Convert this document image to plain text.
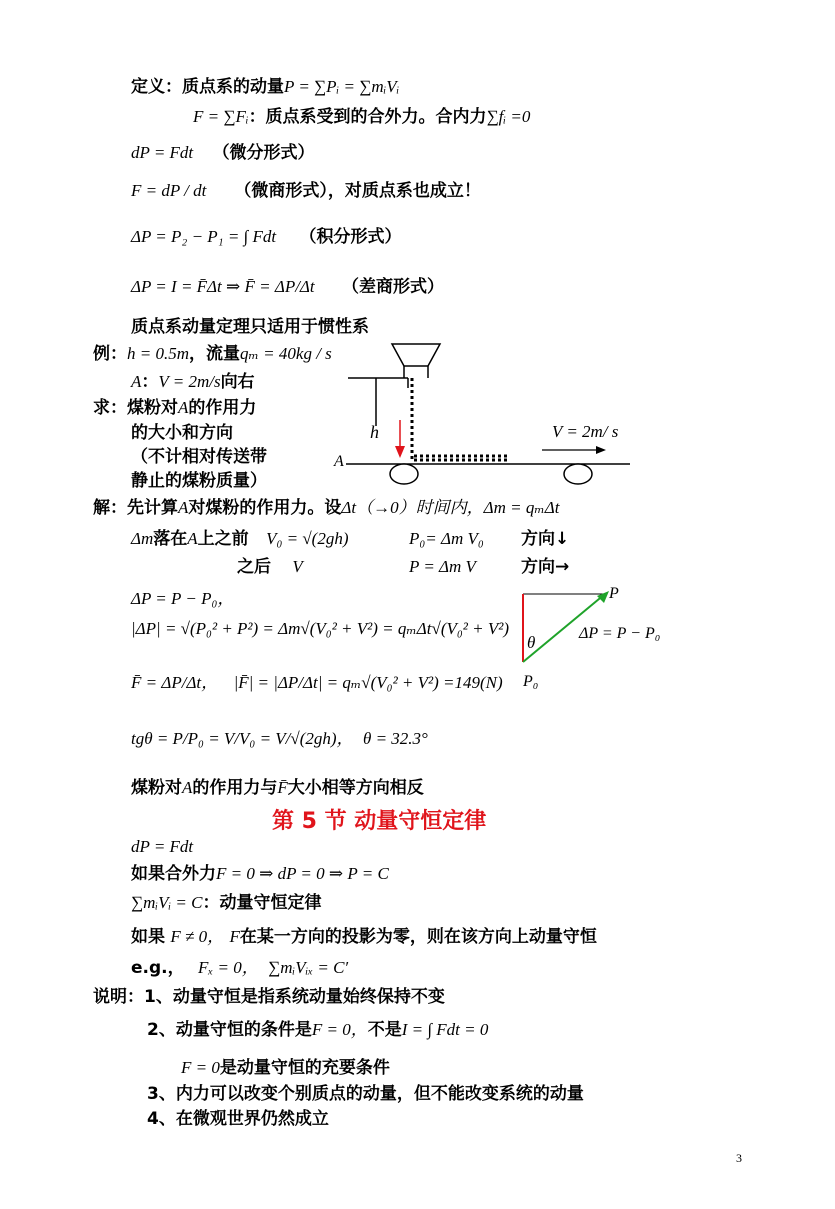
定义：质点系的动量P = ∑Pᵢ = ∑mᵢVᵢ
F = ∑Fᵢ：质点系受到的合外力。合内力∑fᵢ =0
dP = Fdt （微分形式）
F = dP / dt （微商形式），对质点系也成立！
ΔP = P₂ − P₁ = ∫ Fdt （积分形式）
ΔP = I = F̄Δt ⇒ F̄ = ΔP/Δt （差商形式）
质点系动量定理只适用于惯性系
例：h = 0.5m，流量qₘ = 40kg / s
A：V = 2m/s向右
求：煤粉对A的作用力
的大小和方向
（不计相对传送带
静止的煤粉质量）
h
A
V = 2m/ s
解：先计算A对煤粉的作用力。设Δt（→0）时间内，Δm = qₘΔt
Δm落在A上之前 V₀ = √(2gh)	P₀= Δm V₀ 方向↓
之后 V	P = Δm V	方向→
ΔP = P − P₀，
|ΔP| = √(P₀² + P²) = Δm√(V₀² + V²) = qₘΔt√(V₀² + V²)
F̄ = ΔP/Δt， |F̄| = |ΔP/Δt| = qₘ√(V₀² + V²) =149(N)
tgθ = P/P₀ = V/V₀ = V/√(2gh)， θ = 32.3°
煤粉对A的作用力与F̄大小相等方向相反
P
θ	ΔP = P − P₀
P₀
第 5 节 动量守恒定律
dP = Fdt
如果合外力F = 0 ⇒ dP = 0 ⇒ P = C
∑mᵢVᵢ = C：动量守恒定律
如果 F ≠ 0， F在某一方向的投影为零，则在该方向上动量守恒
e.g.， Fₓ = 0， ∑mᵢVᵢₓ = C′
说明：1、动量守恒是指系统动量始终保持不变
2、动量守恒的条件是F = 0，不是I = ∫ Fdt = 0
F = 0是动量守恒的充要条件
3、内力可以改变个别质点的动量，但不能改变系统的动量
4、在微观世界仍然成立
3
